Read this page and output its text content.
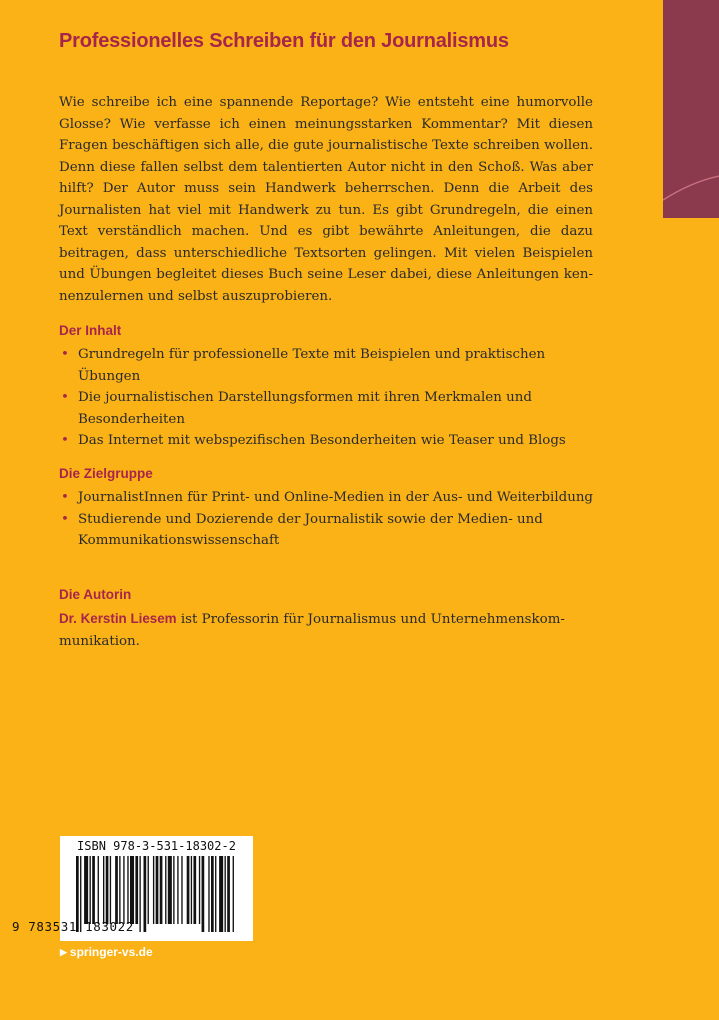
Professionelles Schreiben für den Journalismus

Wie schreibe ich eine spannende Reportage? Wie entsteht eine humorvolle Glosse? Wie verfasse ich einen meinungsstarken Kommentar? Mit diesen Fragen beschäftigen sich alle, die gute journalistische Texte schreiben wollen. Denn diese fallen selbst dem talentierten Autor nicht in den Schoß. Was aber hilft? Der Autor muss sein Handwerk beherrschen. Denn die Arbeit des Journalisten hat viel mit Handwerk zu tun. Es gibt Grundregeln, die einen Text verständlich machen. Und es gibt bewährte Anleitungen, die dazu beitragen, dass unterschiedliche Textsorten gelingen. Mit vielen Beispielen und Übungen begleitet dieses Buch seine Leser dabei, diese Anleitungen kennenzulernen und selbst auszuprobieren.

Der Inhalt
• Grundregeln für professionelle Texte mit Beispielen und praktischen Übungen
• Die journalistischen Darstellungsformen mit ihren Merkmalen und Besonderheiten
• Das Internet mit webspezifischen Besonderheiten wie Teaser und Blogs
Die Zielgruppe
• JournalistInnen für Print- und Online-Medien in der Aus- und Weiterbildung
• Studierende und Dozierende der Journalistik sowie der Medien- und Kommunikationswissenschaft
Die Autorin

Dr. Kerstin Liesem ist Professorin für Journalismus und Unternehmenskommunikation.

ISBN 978-3-531-18302-2
9 783531 183022
▶ springer-vs.de
